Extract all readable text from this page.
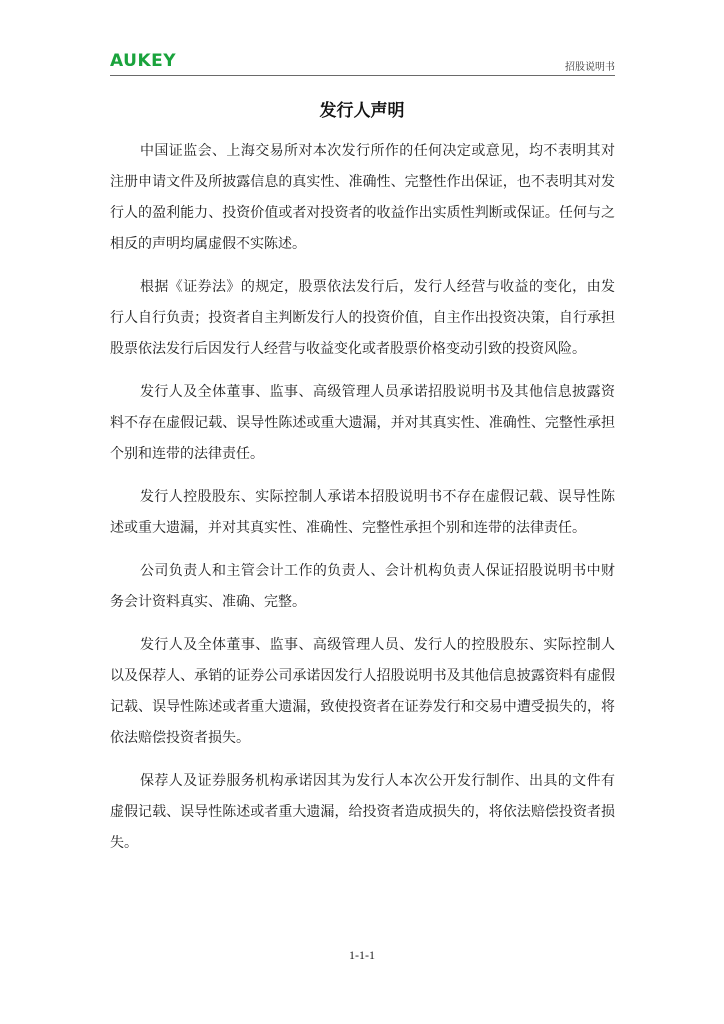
AUKEY	招股说明书
发行人声明

中国证监会、上海交易所对本次发行所作的任何决定或意见，均不表明其对注册申请文件及所披露信息的真实性、准确性、完整性作出保证，也不表明其对发行人的盈利能力、投资价值或者对投资者的收益作出实质性判断或保证。任何与之相反的声明均属虚假不实陈述。

根据《证券法》的规定，股票依法发行后，发行人经营与收益的变化，由发行人自行负责；投资者自主判断发行人的投资价值，自主作出投资决策，自行承担股票依法发行后因发行人经营与收益变化或者股票价格变动引致的投资风险。

发行人及全体董事、监事、高级管理人员承诺招股说明书及其他信息披露资料不存在虚假记载、误导性陈述或重大遗漏，并对其真实性、准确性、完整性承担个别和连带的法律责任。

发行人控股股东、实际控制人承诺本招股说明书不存在虚假记载、误导性陈述或重大遗漏，并对其真实性、准确性、完整性承担个别和连带的法律责任。

公司负责人和主管会计工作的负责人、会计机构负责人保证招股说明书中财务会计资料真实、准确、完整。

发行人及全体董事、监事、高级管理人员、发行人的控股股东、实际控制人以及保荐人、承销的证券公司承诺因发行人招股说明书及其他信息披露资料有虚假记载、误导性陈述或者重大遗漏，致使投资者在证券发行和交易中遭受损失的，将依法赔偿投资者损失。

保荐人及证券服务机构承诺因其为发行人本次公开发行制作、出具的文件有虚假记载、误导性陈述或者重大遗漏，给投资者造成损失的，将依法赔偿投资者损失。

1-1-1
